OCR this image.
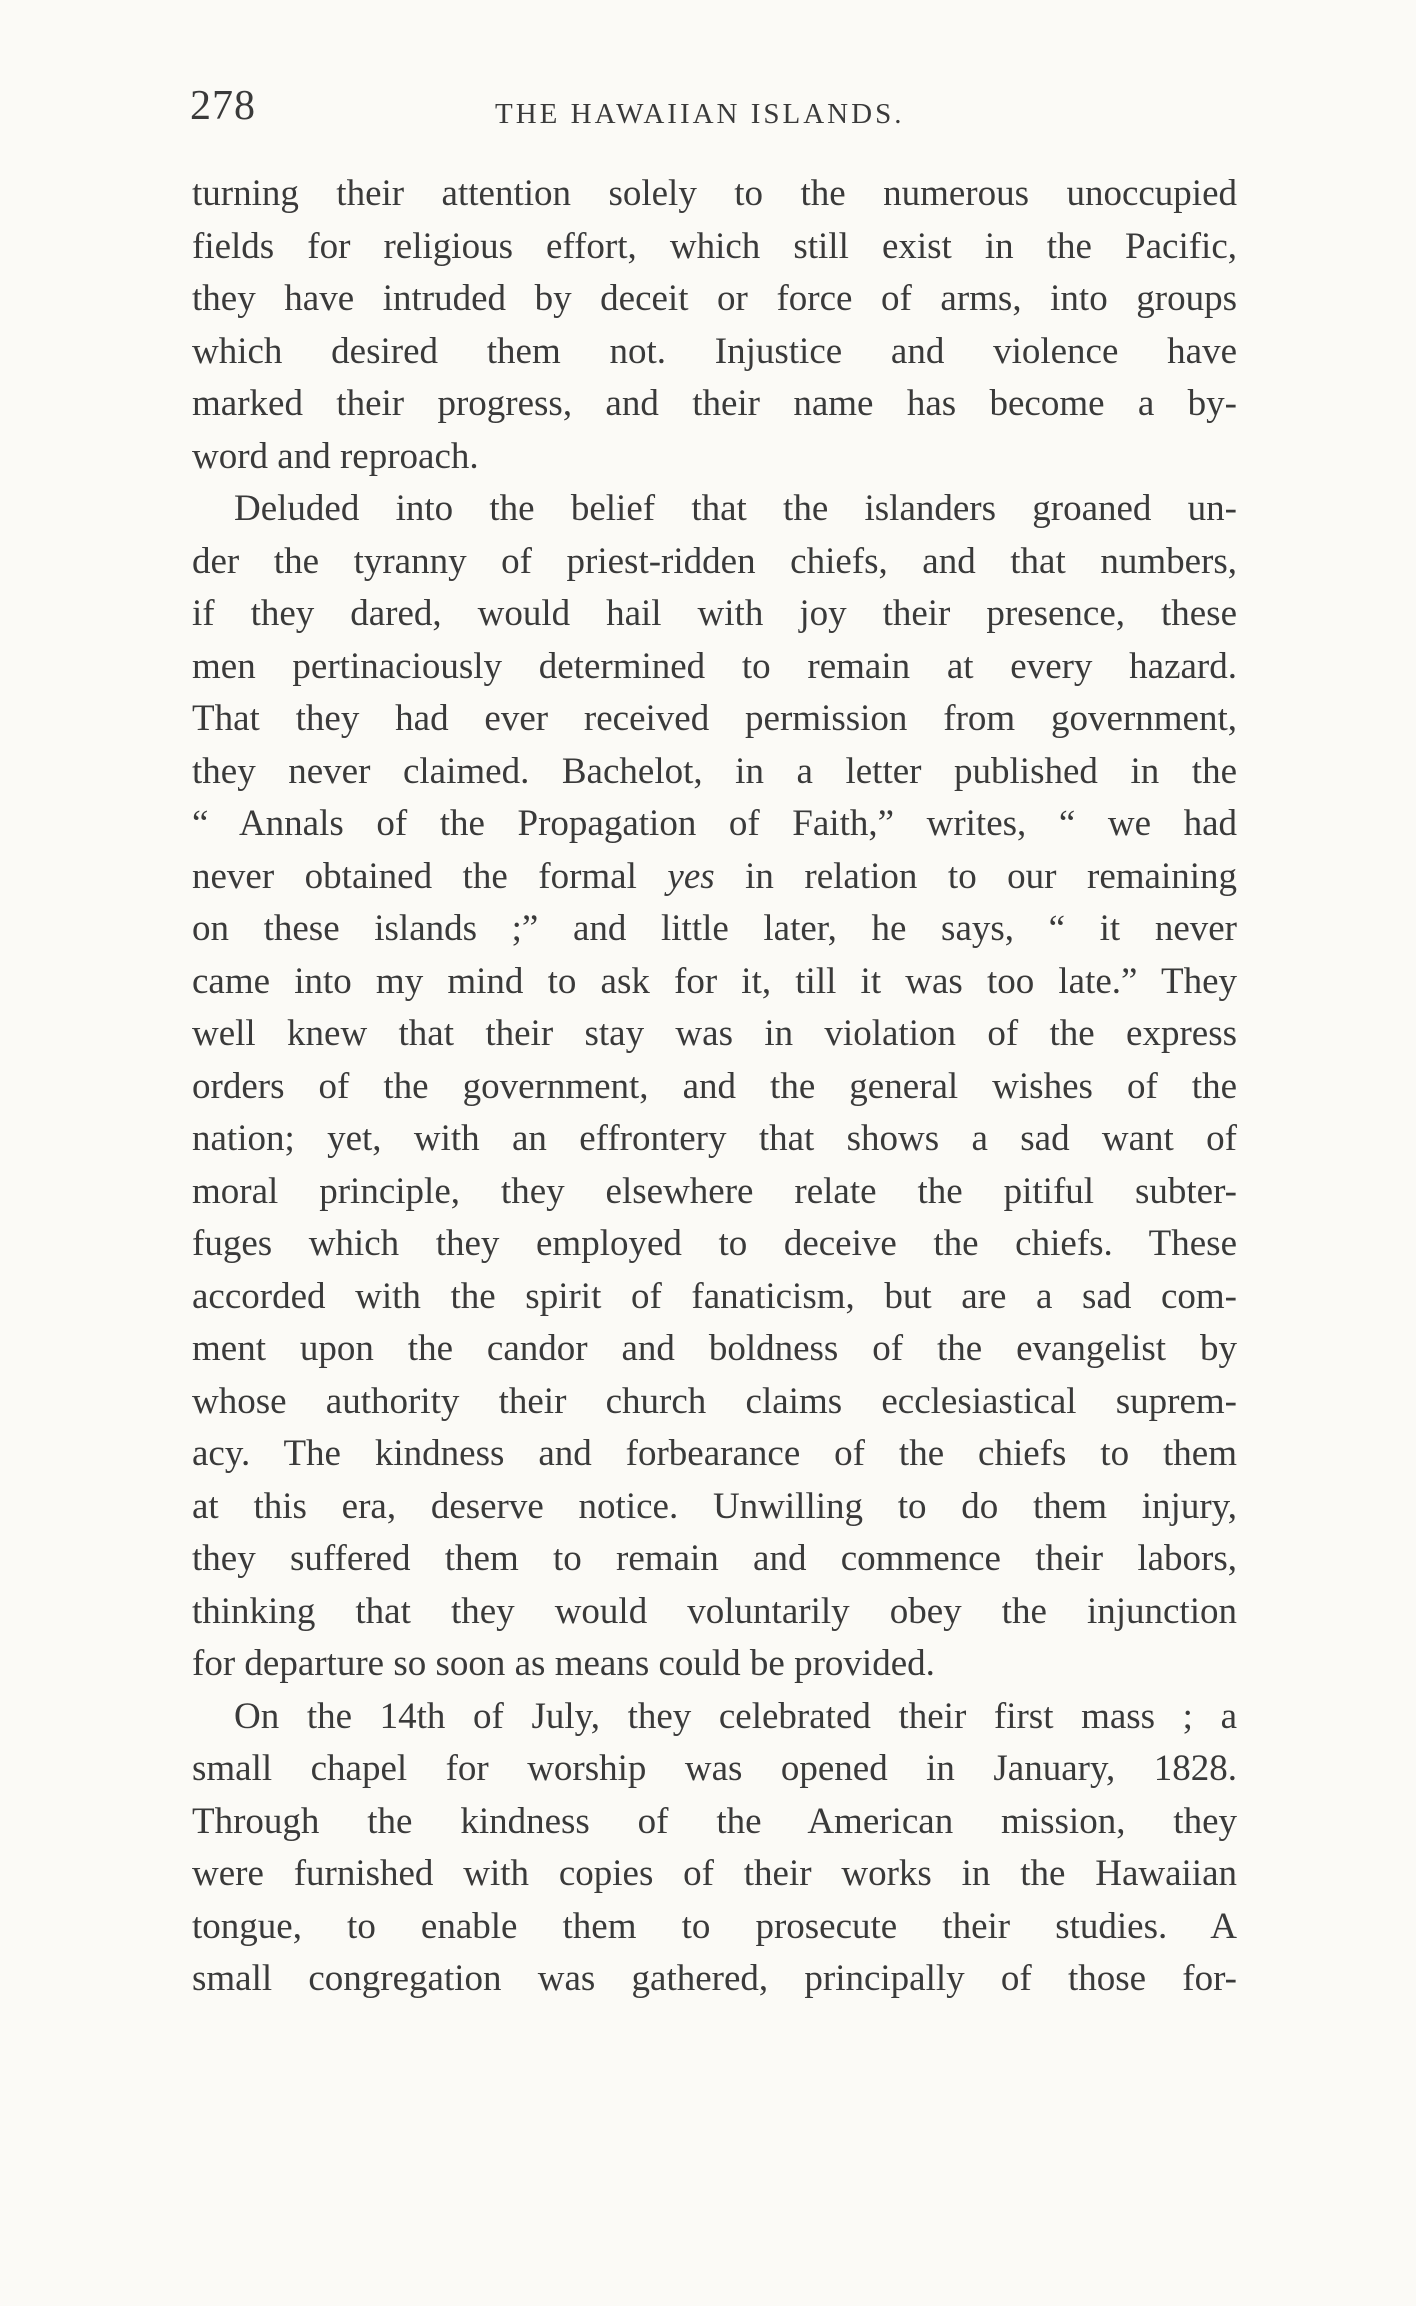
278	THE HAWAIIAN ISLANDS.
turning their attention solely to the numerous unoccupied
fields for religious effort, which still exist in the Pacific,
they have intruded by deceit or force of arms, into groups
which desired them not. Injustice and violence have
marked their progress, and their name has become a by-
word and reproach.
Deluded into the belief that the islanders groaned un-
der the tyranny of priest-ridden chiefs, and that numbers,
if they dared, would hail with joy their presence, these
men pertinaciously determined to remain at every hazard.
That they had ever received permission from government,
they never claimed. Bachelot, in a letter published in the
“ Annals of the Propagation of Faith,” writes, “ we had
never obtained the formal yes in relation to our remaining
on these islands ;” and little later, he says, “ it never
came into my mind to ask for it, till it was too late.” They
well knew that their stay was in violation of the express
orders of the government, and the general wishes of the
nation; yet, with an effrontery that shows a sad want of
moral principle, they elsewhere relate the pitiful subter-
fuges which they employed to deceive the chiefs. These
accorded with the spirit of fanaticism, but are a sad com-
ment upon the candor and boldness of the evangelist by
whose authority their church claims ecclesiastical suprem-
acy. The kindness and forbearance of the chiefs to them
at this era, deserve notice. Unwilling to do them injury,
they suffered them to remain and commence their labors,
thinking that they would voluntarily obey the injunction
for departure so soon as means could be provided.
On the 14th of July, they celebrated their first mass ; a
small chapel for worship was opened in January, 1828.
Through the kindness of the American mission, they
were furnished with copies of their works in the Hawaiian
tongue, to enable them to prosecute their studies. A
small congregation was gathered, principally of those for-
